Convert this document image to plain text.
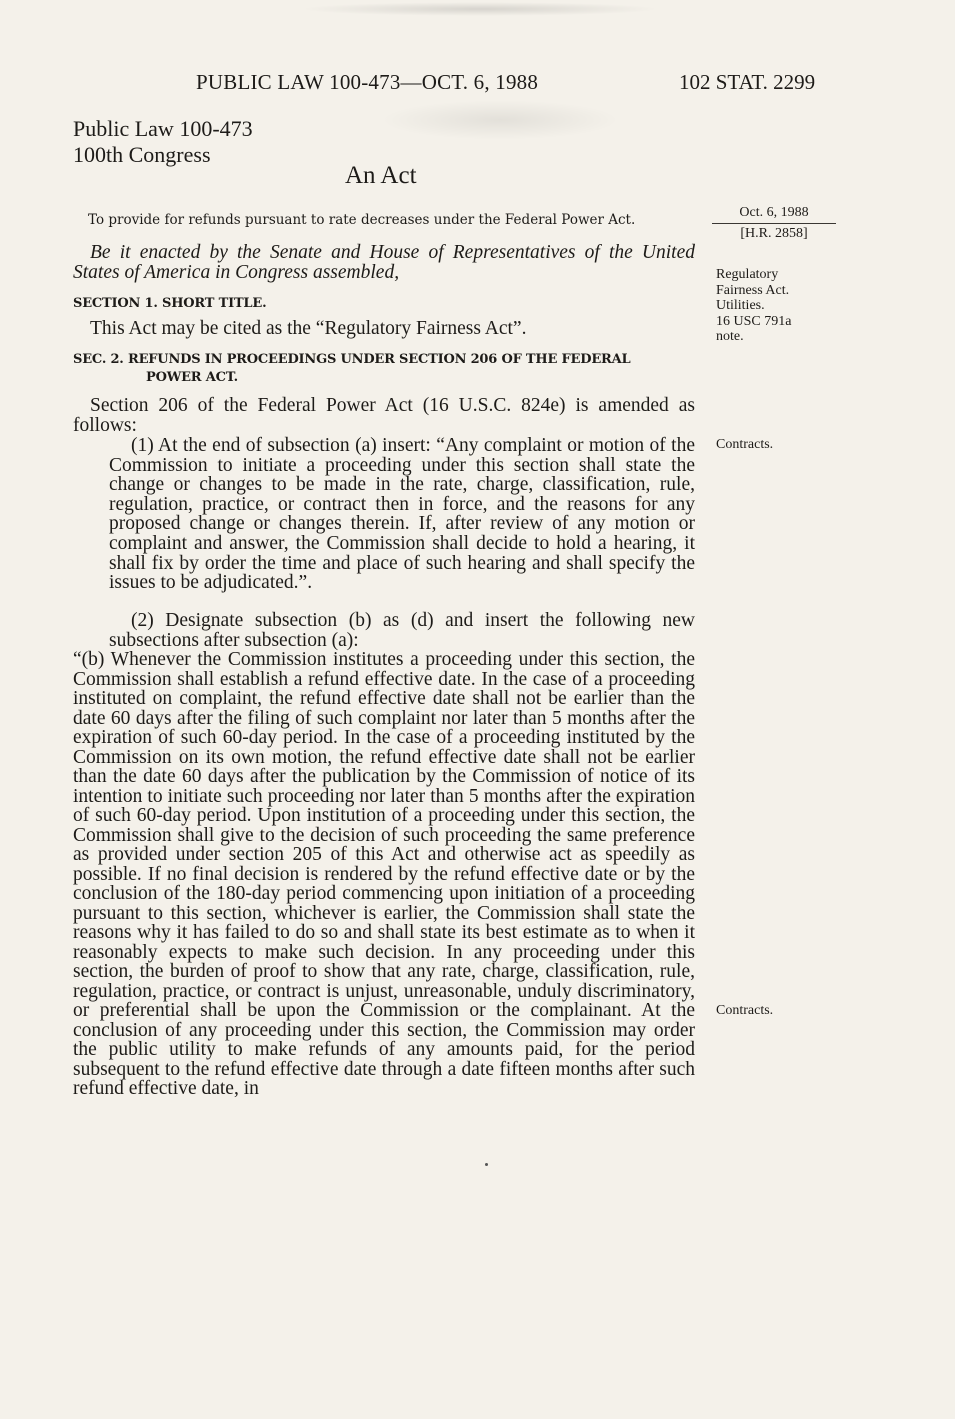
PUBLIC LAW 100-473—OCT. 6, 1988	102 STAT. 2299
Public Law 100-473
100th Congress
An Act
To provide for refunds pursuant to rate decreases under the Federal Power Act.	Oct. 6, 1988
[H.R. 2858]
Be it enacted by the Senate and House of Representatives of the United States of America in Congress assembled,	Regulatory
Fairness Act.
Utilities.
16 USC 791a
note.
SECTION 1. SHORT TITLE.
This Act may be cited as the “Regulatory Fairness Act”.
SEC. 2. REFUNDS IN PROCEEDINGS UNDER SECTION 206 OF THE FEDERAL
POWER ACT.
Section 206 of the Federal Power Act (16 U.S.C. 824e) is amended as follows:
(1) At the end of subsection (a) insert: “Any complaint or motion of the Commission to initiate a proceeding under this section shall state the change or changes to be made in the rate, charge, classification, rule, regulation, practice, or contract then in force, and the reasons for any proposed change or changes therein. If, after review of any motion or complaint and answer, the Commission shall decide to hold a hearing, it shall fix by order the time and place of such hearing and shall specify the issues to be adjudicated.”.
Contracts.
(2) Designate subsection (b) as (d) and insert the following new subsections after subsection (a):
“(b) Whenever the Commission institutes a proceeding under this section, the Commission shall establish a refund effective date. In the case of a proceeding instituted on complaint, the refund effective date shall not be earlier than the date 60 days after the filing of such complaint nor later than 5 months after the expiration of such 60-day period. In the case of a proceeding instituted by the Commission on its own motion, the refund effective date shall not be earlier than the date 60 days after the publication by the Commission of notice of its intention to initiate such proceeding nor later than 5 months after the expiration of such 60-day period. Upon institution of a proceeding under this section, the Commission shall give to the decision of such proceeding the same preference as provided under section 205 of this Act and otherwise act as speedily as possible. If no final decision is rendered by the refund effective date or by the conclusion of the 180-day period commencing upon initiation of a proceeding pursuant to this section, whichever is earlier, the Commission shall state the reasons why it has failed to do so and shall state its best estimate as to when it reasonably expects to make such decision. In any proceeding under this section, the burden of proof to show that any rate, charge, classification, rule, regulation, practice, or contract is unjust, unreasonable, unduly discriminatory, or preferential shall be upon the Commission or the complainant. At the conclusion of any proceeding under this section, the Commission may order the public utility to make refunds of any amounts paid, for the period subsequent to the refund effective date through a date fifteen months after such refund effective date, in
Contracts.
